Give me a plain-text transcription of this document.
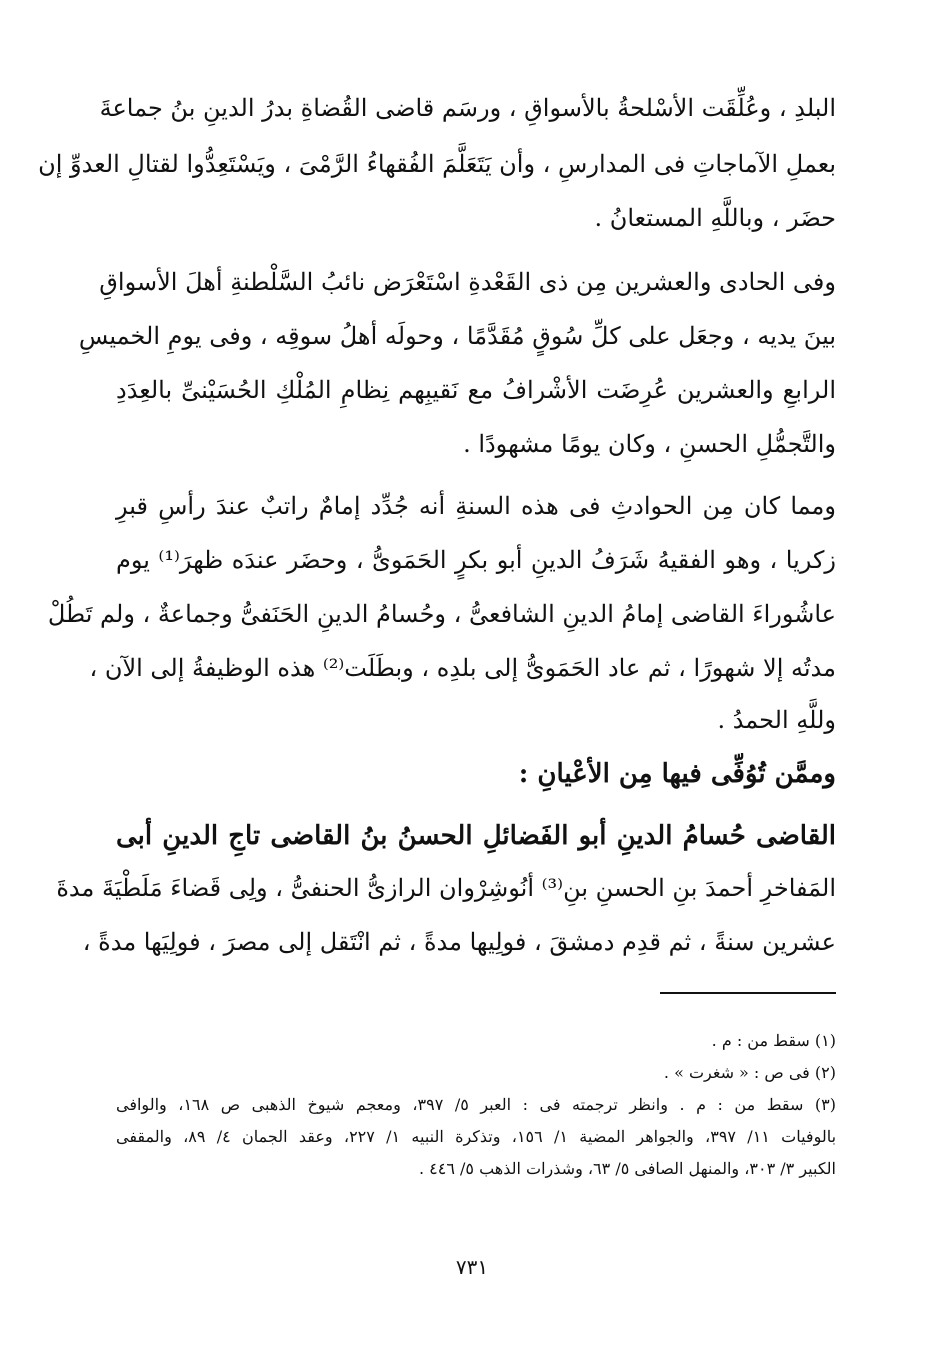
البلدِ ، وعُلِّقَت الأسْلحةُ بالأسواقِ ، ورسَم قاضى القُضاةِ بدرُ الدينِ بنُ جماعةَ
بعملِ الآماجاتِ فى المدارسِ ، وأن يَتَعَلَّمَ الفُقهاءُ الرَّمْىَ ، ويَسْتَعِدُّوا لقتالِ العدوِّ إن
حضَر ، وباللَّهِ المستعانُ .
وفى الحادى والعشرين مِن ذى القَعْدةِ اسْتَعْرَض نائبُ السَّلْطنةِ أهلَ الأسواقِ
بينَ يديه ، وجعَل على كلِّ سُوقٍ مُقَدَّمًا ، وحولَه أهلُ سوقِه ، وفى يومِ الخميسِ
الرابعِ والعشرين عُرِضَت الأشْرافُ مع نَقيبِهم نِظامِ المُلْكِ الحُسَيْنىِّ بالعِدَدِ
والتَّجمُّلِ الحسنِ ، وكان يومًا مشهودًا .
ومما كان مِن الحوادثِ فى هذه السنةِ أنه جُدِّد إمامٌ راتبٌ عندَ رأسِ قبرِ
زكريا ، وهو الفقيهُ شَرَفُ الدينِ أبو بكرٍ الحَمَوىُّ ، وحضَر عندَه ظهرَ⁽¹⁾ يوم
عاشُوراءَ القاضى إمامُ الدينِ الشافعىُّ ، وحُسامُ الدينِ الحَنَفىُّ وجماعةٌ ، ولم تَطُلْ
مدتُه إلا شهورًا ، ثم عاد الحَمَوىُّ إلى بلدِه ، وبطَلَت⁽²⁾ هذه الوظيفةُ إلى الآن ،
وللَّهِ الحمدُ .
وممَّن تُوُفِّى فيها مِن الأعْيانِ :
القاضى حُسامُ الدينِ أبو الفَضائلِ الحسنُ بنُ القاضى تاجِ الدينِ أبى
المَفاخرِ أحمدَ بنِ الحسنِ بنِ⁽³⁾ أنُوشِرْوان الرازىُّ الحنفىُّ ، ولِى قَضاءَ مَلَطْيَةَ مدةَ
عشرين سنةً ، ثم قدِم دمشقَ ، فولِيها مدةً ، ثم انْتَقل إلى مصرَ ، فولِيَها مدةً ،
(١) سقط من : م .
(٢) فى ص : « شغرت » .
(٣) سقط من : م . وانظر ترجمته فى : العبر ٥/ ٣٩٧، ومعجم شيوخ الذهبى ص ١٦٨، والوافى
بالوفيات ١١/ ٣٩٧، والجواهر المضية ١/ ١٥٦، وتذكرة النبيه ١/ ٢٢٧، وعقد الجمان ٤/ ٨٩، والمقفى
الكبير ٣/ ٣٠٣، والمنهل الصافى ٥/ ٦٣، وشذرات الذهب ٥/ ٤٤٦ .
٧٣١
